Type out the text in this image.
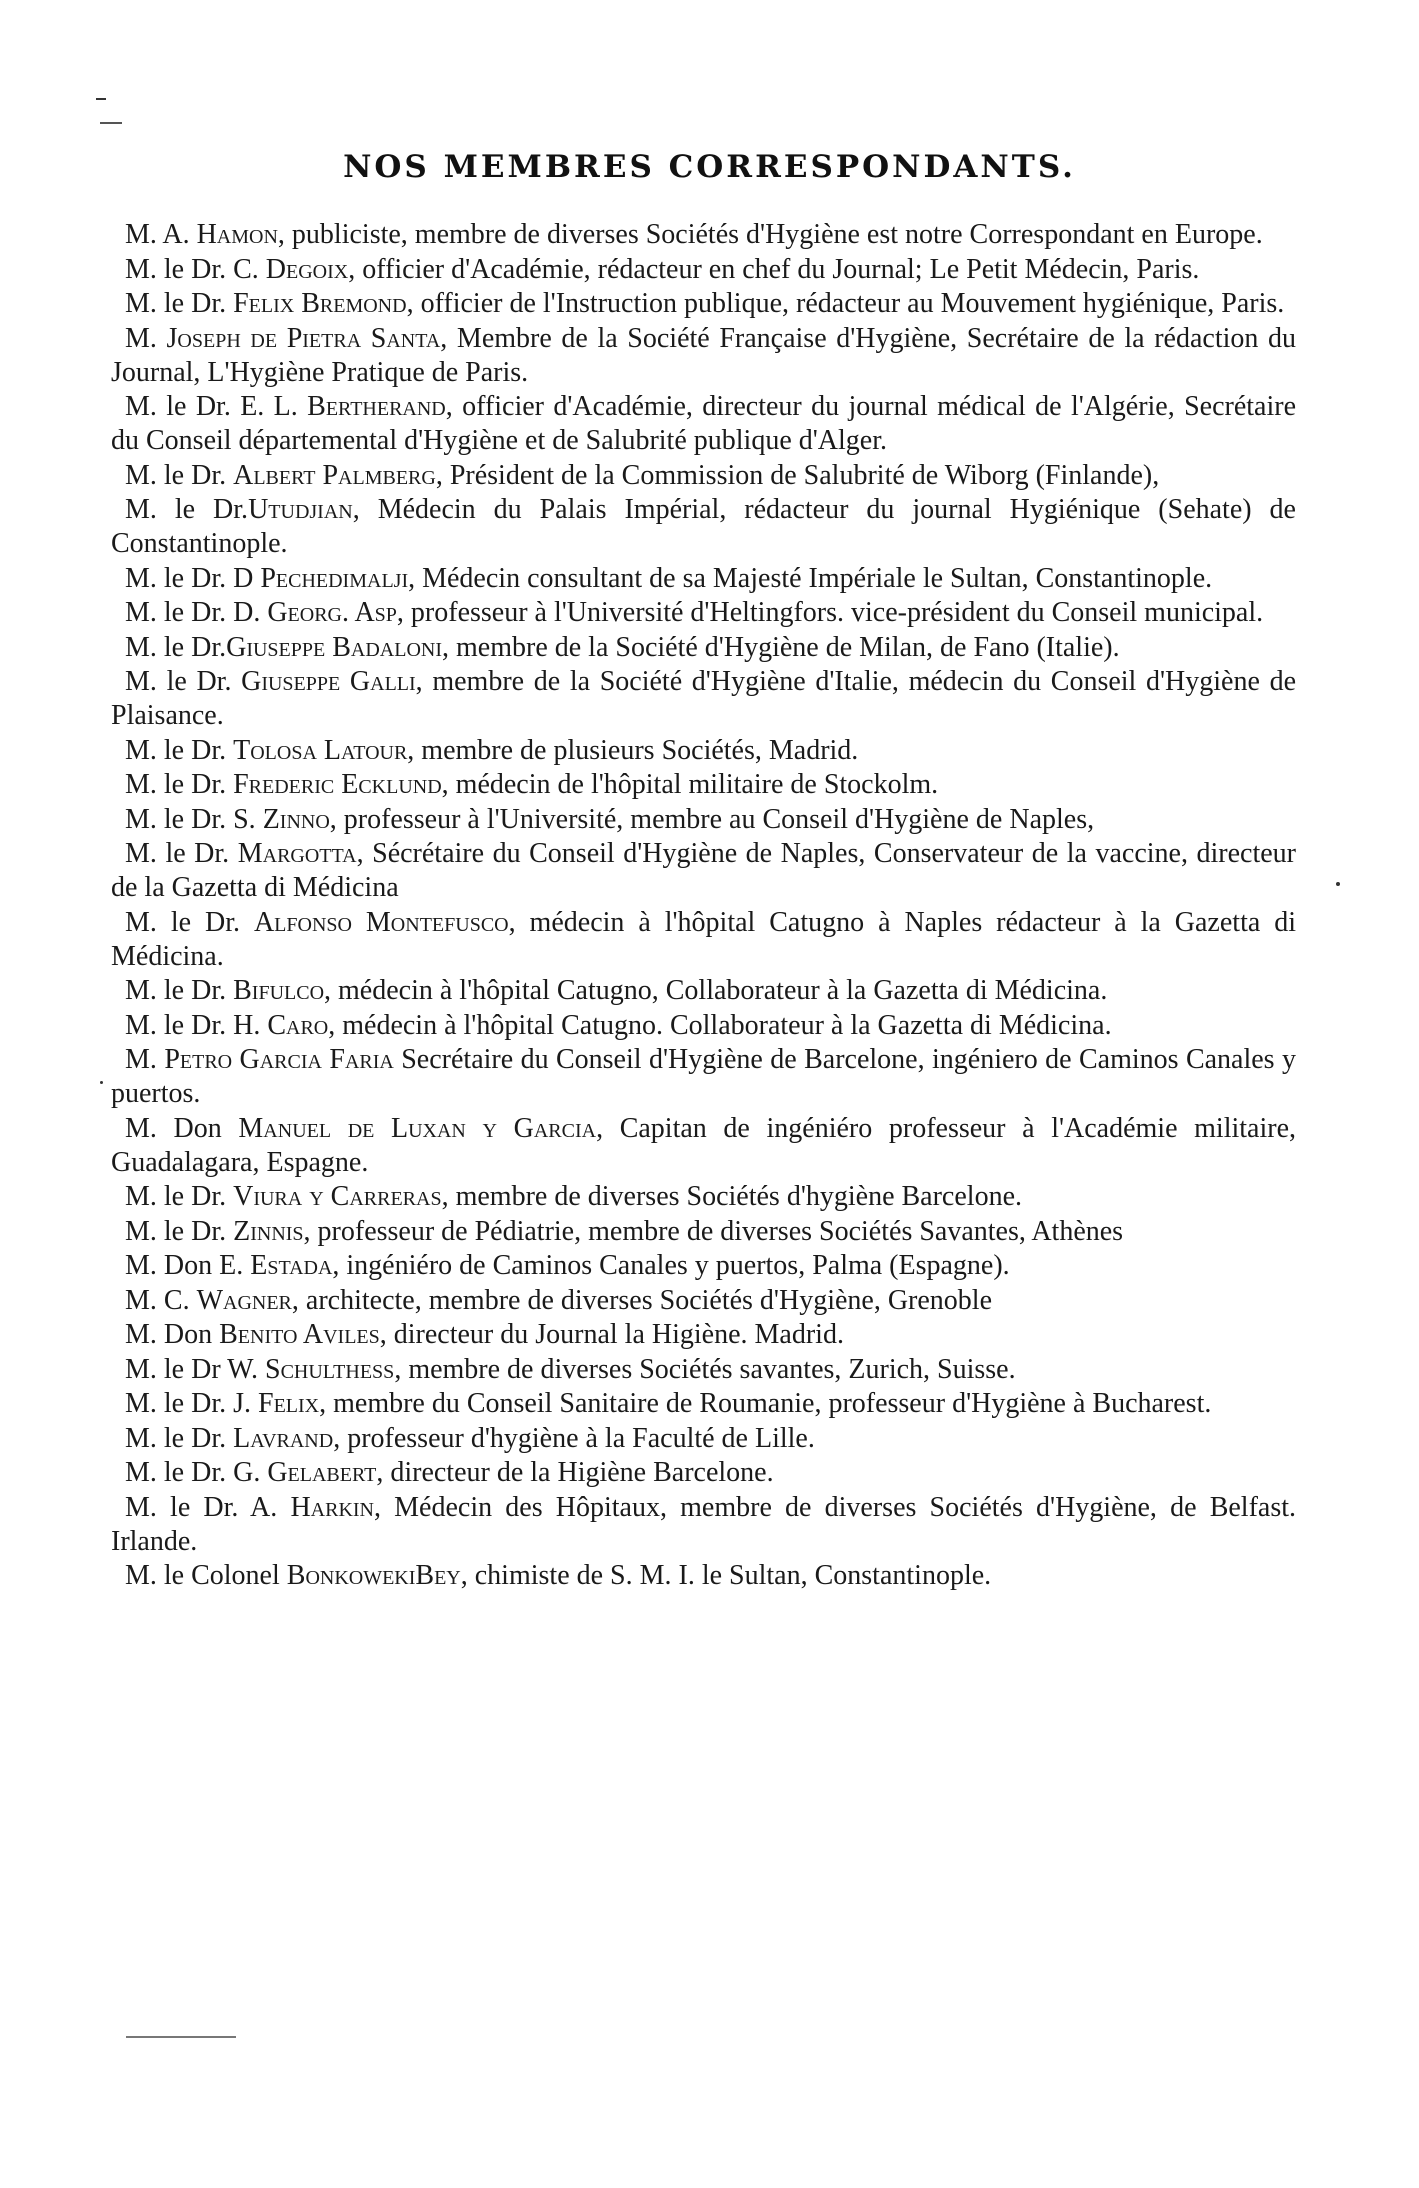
NOS MEMBRES CORRESPONDANTS.
M. A. Hamon, publiciste, membre de diverses Sociétés d'Hygiène est notre Correspondant en Europe.
M. le Dr. C. Degoix, officier d'Académie, rédacteur en chef du Journal; Le Petit Médecin, Paris.
M. le Dr. Felix Bremond, officier de l'Instruction publique, rédacteur au Mouvement hygiénique, Paris.
M. Joseph de Pietra Santa, Membre de la Société Française d'Hygiène, Secrétaire de la rédaction du Journal, L'Hygiène Pratique de Paris.
M. le Dr. E. L. Bertherand, officier d'Académie, directeur du journal médical de l'Algérie, Secrétaire du Conseil départemental d'Hygiène et de Salubrité publique d'Alger.
M. le Dr. Albert Palmberg, Président de la Commission de Salubrité de Wiborg (Finlande),
M. le Dr.Utudjian, Médecin du Palais Impérial, rédacteur du journal Hygiénique (Sehate) de Constantinople.
M. le Dr. D Pechedimalji, Médecin consultant de sa Majesté Impériale le Sultan, Constantinople.
M. le Dr. D. Georg. Asp, professeur à l'Université d'Heltingfors. vice-président du Conseil municipal.
M. le Dr.Giuseppe Badaloni, membre de la Société d'Hygiène de Milan, de Fano (Italie).
M. le Dr. Giuseppe Galli, membre de la Société d'Hygiène d'Italie, médecin du Conseil d'Hygiène de Plaisance.
M. le Dr. Tolosa Latour, membre de plusieurs Sociétés, Madrid.
M. le Dr. Frederic Ecklund, médecin de l'hôpital militaire de Stockolm.
M. le Dr. S. Zinno, professeur à l'Université, membre au Conseil d'Hygiène de Naples,
M. le Dr. Margotta, Sécrétaire du Conseil d'Hygiène de Naples, Conservateur de la vaccine, directeur de la Gazetta di Médicina
M. le Dr. Alfonso Montefusco, médecin à l'hôpital Catugno à Naples rédacteur à la Gazetta di Médicina.
M. le Dr. Bifulco, médecin à l'hôpital Catugno, Collaborateur à la Gazetta di Médicina.
M. le Dr. H. Caro, médecin à l'hôpital Catugno. Collaborateur à la Gazetta di Médicina.
M. Petro Garcia Faria Secrétaire du Conseil d'Hygiène de Barcelone, ingéniero de Caminos Canales y puertos.
M. Don Manuel de Luxan y Garcia, Capitan de ingéniéro professeur à l'Académie militaire, Guadalagara, Espagne.
M. le Dr. Viura y Carreras, membre de diverses Sociétés d'hygiène Barcelone.
M. le Dr. Zinnis, professeur de Pédiatrie, membre de diverses Sociétés Savantes, Athènes
M. Don E. Estada, ingéniéro de Caminos Canales y puertos, Palma (Espagne).
M. C. Wagner, architecte, membre de diverses Sociétés d'Hygiène, Grenoble
M. Don Benito Aviles, directeur du Journal la Higiène. Madrid.
M. le Dr W. Schulthess, membre de diverses Sociétés savantes, Zurich, Suisse.
M. le Dr. J. Felix, membre du Conseil Sanitaire de Roumanie, professeur d'Hygiène à Bucharest.
M. le Dr. Lavrand, professeur d'hygiène à la Faculté de Lille.
M. le Dr. G. Gelabert, directeur de la Higiène Barcelone.
M. le Dr. A. Harkin, Médecin des Hôpitaux, membre de diverses Sociétés d'Hygiène, de Belfast. Irlande.
M. le Colonel BonkowekiBey, chimiste de S. M. I. le Sultan, Constantinople.
